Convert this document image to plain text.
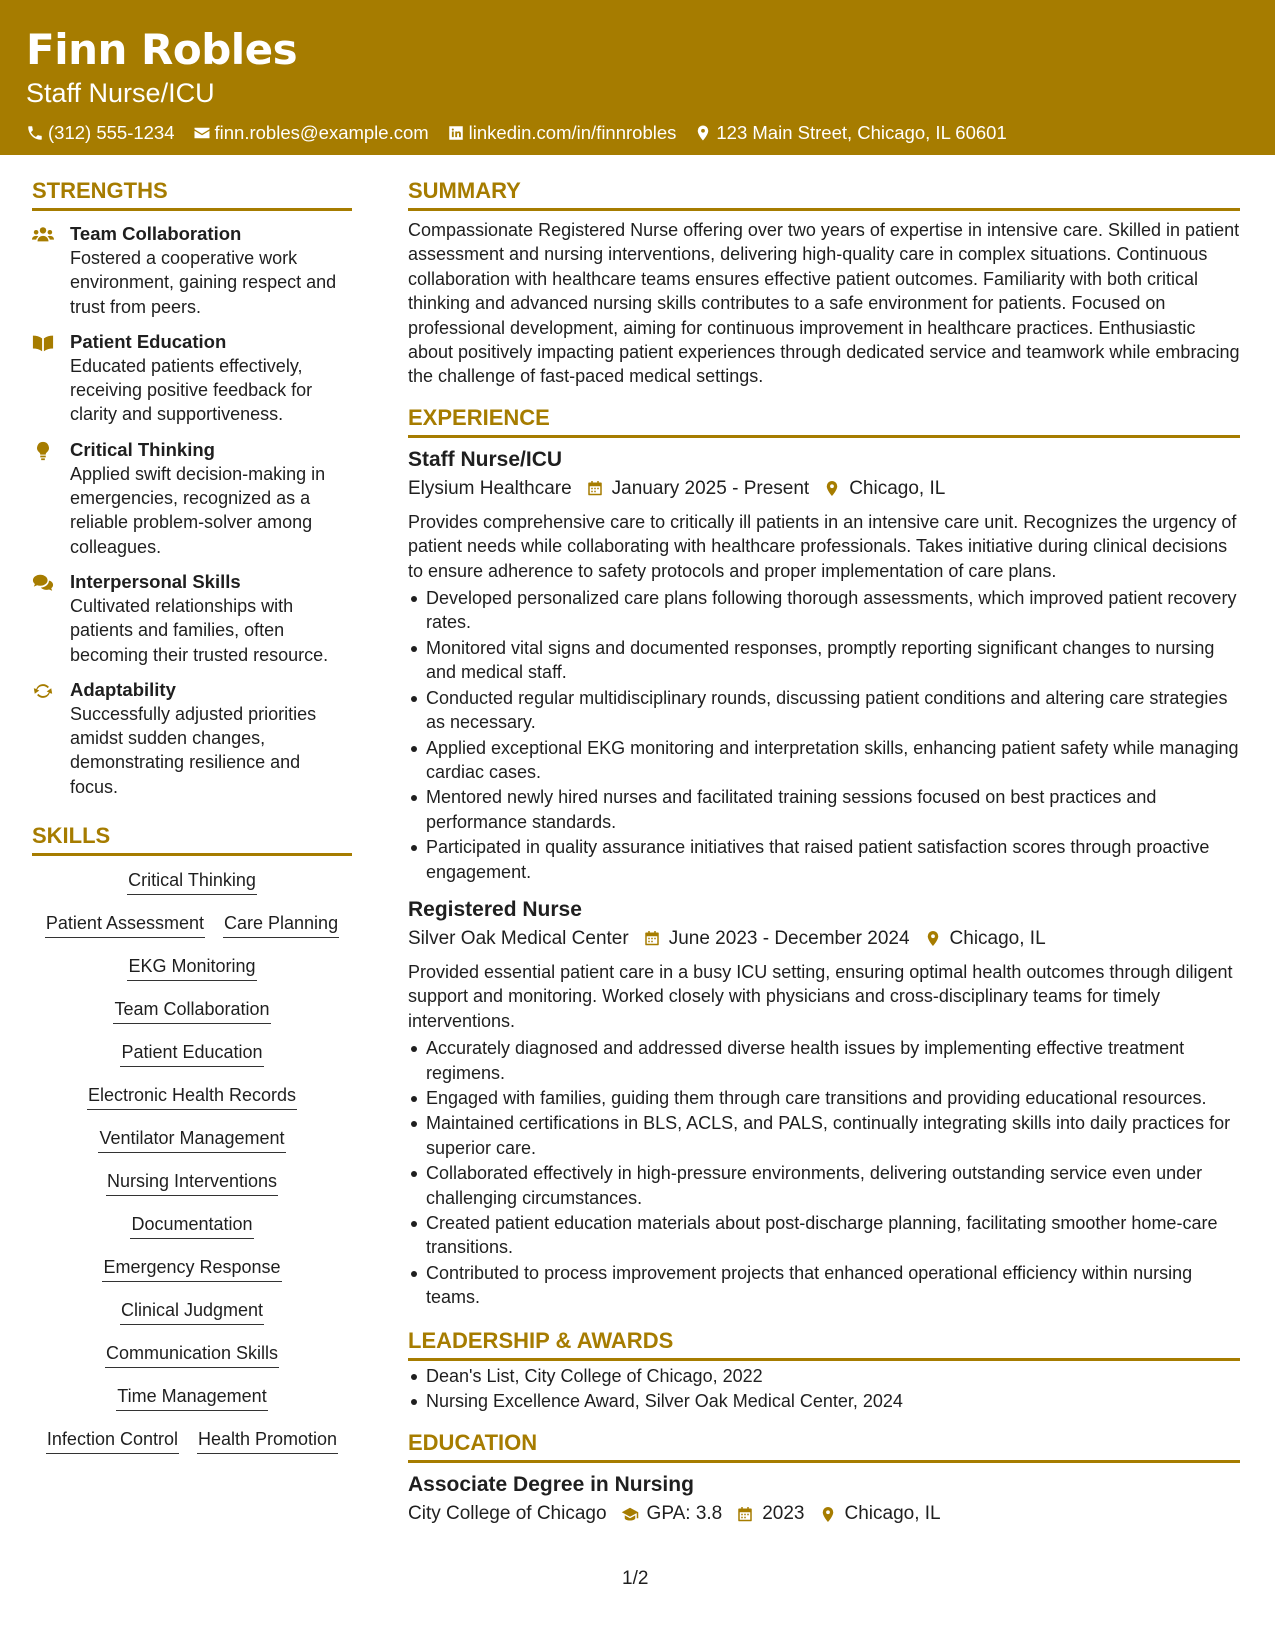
Finn Robles
Staff Nurse/ICU
(312) 555-1234 finn.robles@example.com linkedin.com/in/finnrobles 123 Main Street, Chicago, IL 60601
STRENGTHS
Team Collaboration
Fostered a cooperative work environment, gaining respect and trust from peers.
Patient Education
Educated patients effectively, receiving positive feedback for clarity and supportiveness.
Critical Thinking
Applied swift decision-making in emergencies, recognized as a reliable problem-solver among colleagues.
Interpersonal Skills
Cultivated relationships with patients and families, often becoming their trusted resource.
Adaptability
Successfully adjusted priorities amidst sudden changes, demonstrating resilience and focus.
SKILLS
Critical Thinking
Patient Assessment Care Planning
EKG Monitoring
Team Collaboration
Patient Education
Electronic Health Records
Ventilator Management
Nursing Interventions
Documentation
Emergency Response
Clinical Judgment
Communication Skills
Time Management
Infection Control Health Promotion
SUMMARY
Compassionate Registered Nurse offering over two years of expertise in intensive care. Skilled in patient assessment and nursing interventions, delivering high-quality care in complex situations. Continuous collaboration with healthcare teams ensures effective patient outcomes. Familiarity with both critical thinking and advanced nursing skills contributes to a safe environment for patients. Focused on professional development, aiming for continuous improvement in healthcare practices. Enthusiastic about positively impacting patient experiences through dedicated service and teamwork while embracing the challenge of fast-paced medical settings.
EXPERIENCE
Staff Nurse/ICU
Elysium Healthcare January 2025 - Present Chicago, IL
Provides comprehensive care to critically ill patients in an intensive care unit. Recognizes the urgency of patient needs while collaborating with healthcare professionals. Takes initiative during clinical decisions to ensure adherence to safety protocols and proper implementation of care plans.
Developed personalized care plans following thorough assessments, which improved patient recovery rates.
Monitored vital signs and documented responses, promptly reporting significant changes to nursing and medical staff.
Conducted regular multidisciplinary rounds, discussing patient conditions and altering care strategies as necessary.
Applied exceptional EKG monitoring and interpretation skills, enhancing patient safety while managing cardiac cases.
Mentored newly hired nurses and facilitated training sessions focused on best practices and performance standards.
Participated in quality assurance initiatives that raised patient satisfaction scores through proactive engagement.
Registered Nurse
Silver Oak Medical Center June 2023 - December 2024 Chicago, IL
Provided essential patient care in a busy ICU setting, ensuring optimal health outcomes through diligent support and monitoring. Worked closely with physicians and cross-disciplinary teams for timely interventions.
Accurately diagnosed and addressed diverse health issues by implementing effective treatment regimens.
Engaged with families, guiding them through care transitions and providing educational resources.
Maintained certifications in BLS, ACLS, and PALS, continually integrating skills into daily practices for superior care.
Collaborated effectively in high-pressure environments, delivering outstanding service even under challenging circumstances.
Created patient education materials about post-discharge planning, facilitating smoother home-care transitions.
Contributed to process improvement projects that enhanced operational efficiency within nursing teams.
LEADERSHIP & AWARDS
Dean's List, City College of Chicago, 2022
Nursing Excellence Award, Silver Oak Medical Center, 2024
EDUCATION
Associate Degree in Nursing
City College of Chicago GPA: 3.8 2023 Chicago, IL
1/2
